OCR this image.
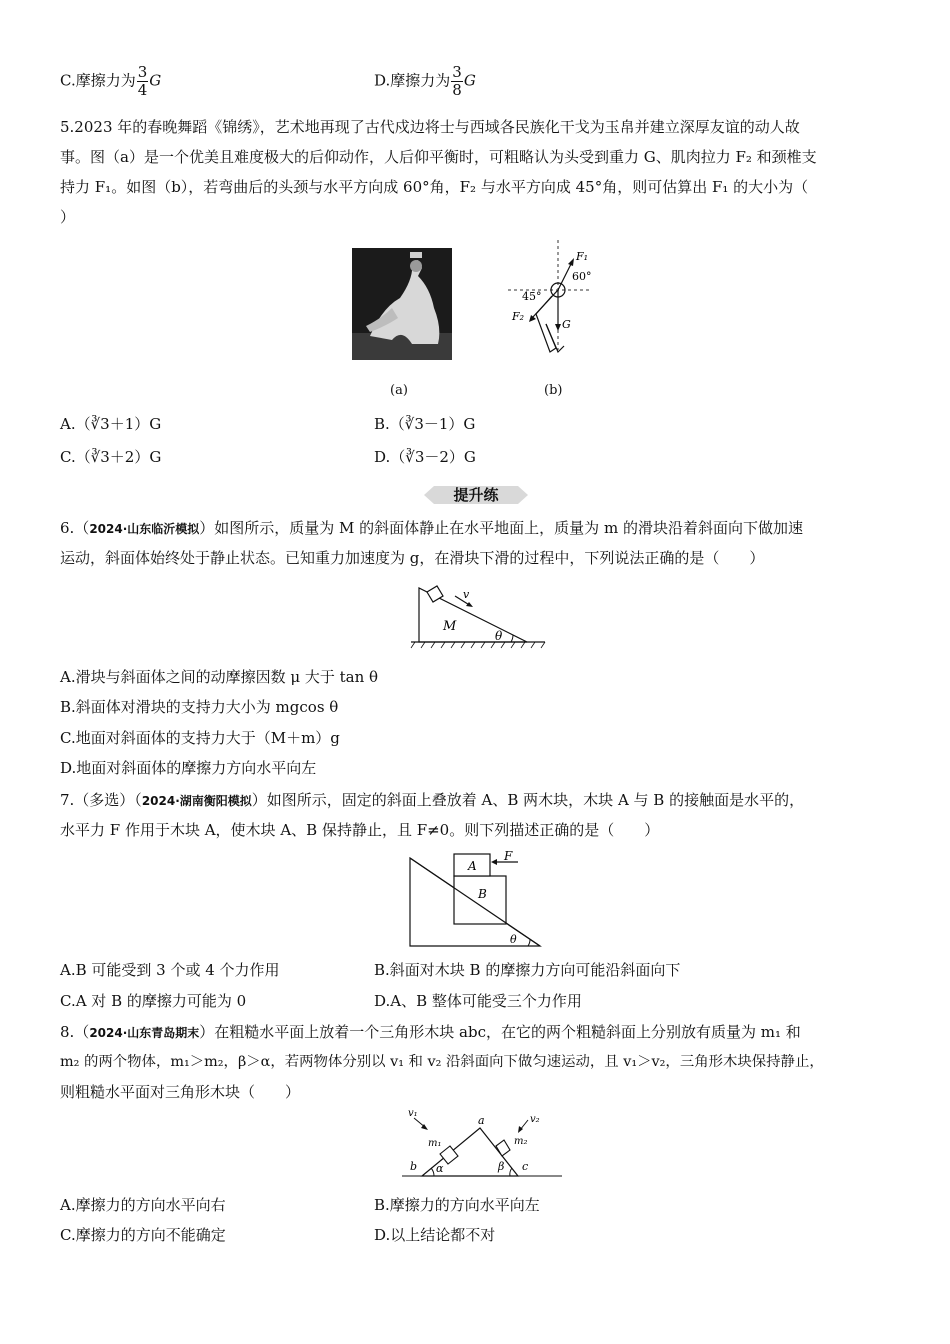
C.摩擦力为 $\frac{3}{4}$ G	D.摩擦力为 $\frac{3}{8}$ G
5.2023 年的春晚舞蹈《锦绣》，艺术地再现了古代戍边将士与西域各民族化干戈为玉帛并建立深厚友谊的动人故
事。图（a）是一个优美且难度极大的后仰动作，人后仰平衡时，可粗略认为头受到重力 G、肌肉拉力 F₂ 和颈椎支
持力 F₁。如图（b），若弯曲后的头颈与水平方向成 60°角，F₂ 与水平方向成 45°角，则可估算出 F₁ 的大小为（
）
(a)
F₁
60°
45°
F₂
G
(b)
A.（∛3＋1）G	B.（∛3－1）G
C.（∛3＋2）G	D.（∛3－2）G
提升练
6.（2024·山东临沂模拟）如图所示，质量为 M 的斜面体静止在水平地面上，质量为 m 的滑块沿着斜面向下做加速
运动，斜面体始终处于静止状态。已知重力加速度为 g，在滑块下滑的过程中，下列说法正确的是（　　）
v
M
θ
A.滑块与斜面体之间的动摩擦因数 μ 大于 tan θ
B.斜面体对滑块的支持力大小为 mgcos θ
C.地面对斜面体的支持力大于（M＋m）g
D.地面对斜面体的摩擦力方向水平向左
7.（多选）（2024·湖南衡阳模拟）如图所示，固定的斜面上叠放着 A、B 两木块，木块 A 与 B 的接触面是水平的，
水平力 F 作用于木块 A，使木块 A、B 保持静止，且 F≠0。则下列描述正确的是（　　）
A
B
F
θ
A.B 可能受到 3 个或 4 个力作用	B.斜面对木块 B 的摩擦力方向可能沿斜面向下
C.A 对 B 的摩擦力可能为 0	D.A、B 整体可能受三个力作用
8.（2024·山东青岛期末）在粗糙水平面上放着一个三角形木块 abc，在它的两个粗糙斜面上分别放有质量为 m₁ 和
m₂ 的两个物体，m₁＞m₂，β＞α，若两物体分别以 v₁ 和 v₂ 沿斜面向下做匀速运动，且 v₁＞v₂，三角形木块保持静止，
则粗糙水平面对三角形木块（　　）
v₁
v₂
m₁	m₂
a
b	c
α	β
A.摩擦力的方向水平向右	B.摩擦力的方向水平向左
C.摩擦力的方向不能确定	D.以上结论都不对
